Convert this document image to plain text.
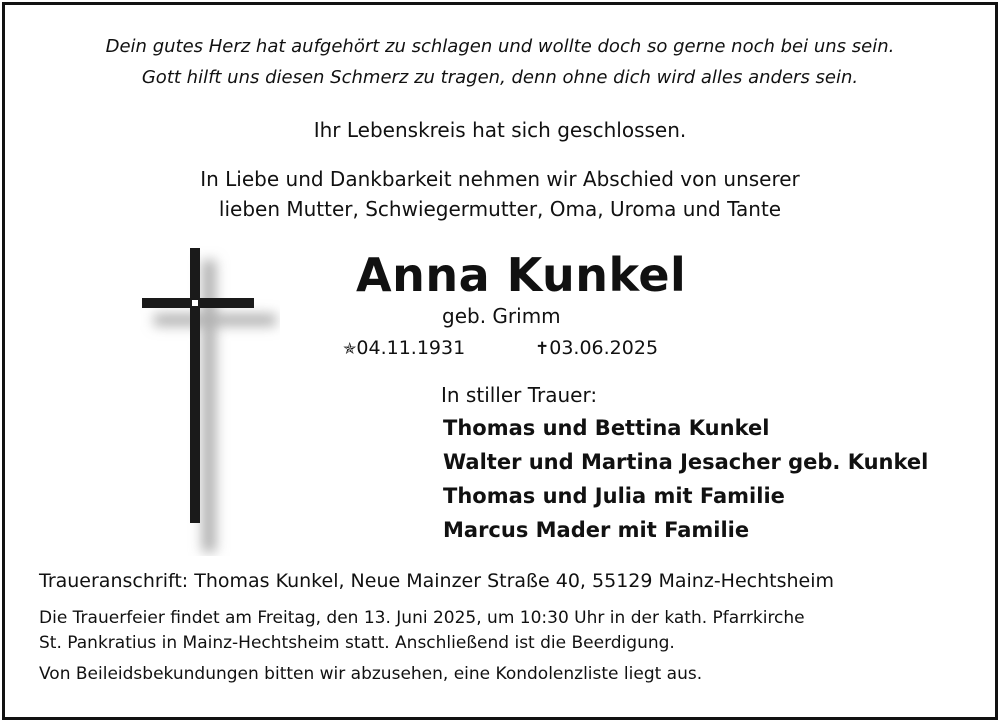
Dein gutes Herz hat aufgehört zu schlagen und wollte doch so gerne noch bei uns sein.
Gott hilft uns diesen Schmerz zu tragen, denn ohne dich wird alles anders sein.
Ihr Lebenskreis hat sich geschlossen.
In Liebe und Dankbarkeit nehmen wir Abschied von unserer
lieben Mutter, Schwiegermutter, Oma, Uroma und Tante
Anna Kunkel
geb. Grimm
✯04.11.1931	✝03.06.2025
In stiller Trauer:
Thomas und Bettina Kunkel
Walter und Martina Jesacher geb. Kunkel
Thomas und Julia mit Familie
Marcus Mader mit Familie
Traueranschrift: Thomas Kunkel, Neue Mainzer Straße 40, 55129 Mainz-Hechtsheim
Die Trauerfeier findet am Freitag, den 13. Juni 2025, um 10:30 Uhr in der kath. Pfarrkirche
St. Pankratius in Mainz-Hechtsheim statt. Anschließend ist die Beerdigung.
Von Beileidsbekundungen bitten wir abzusehen, eine Kondolenzliste liegt aus.
